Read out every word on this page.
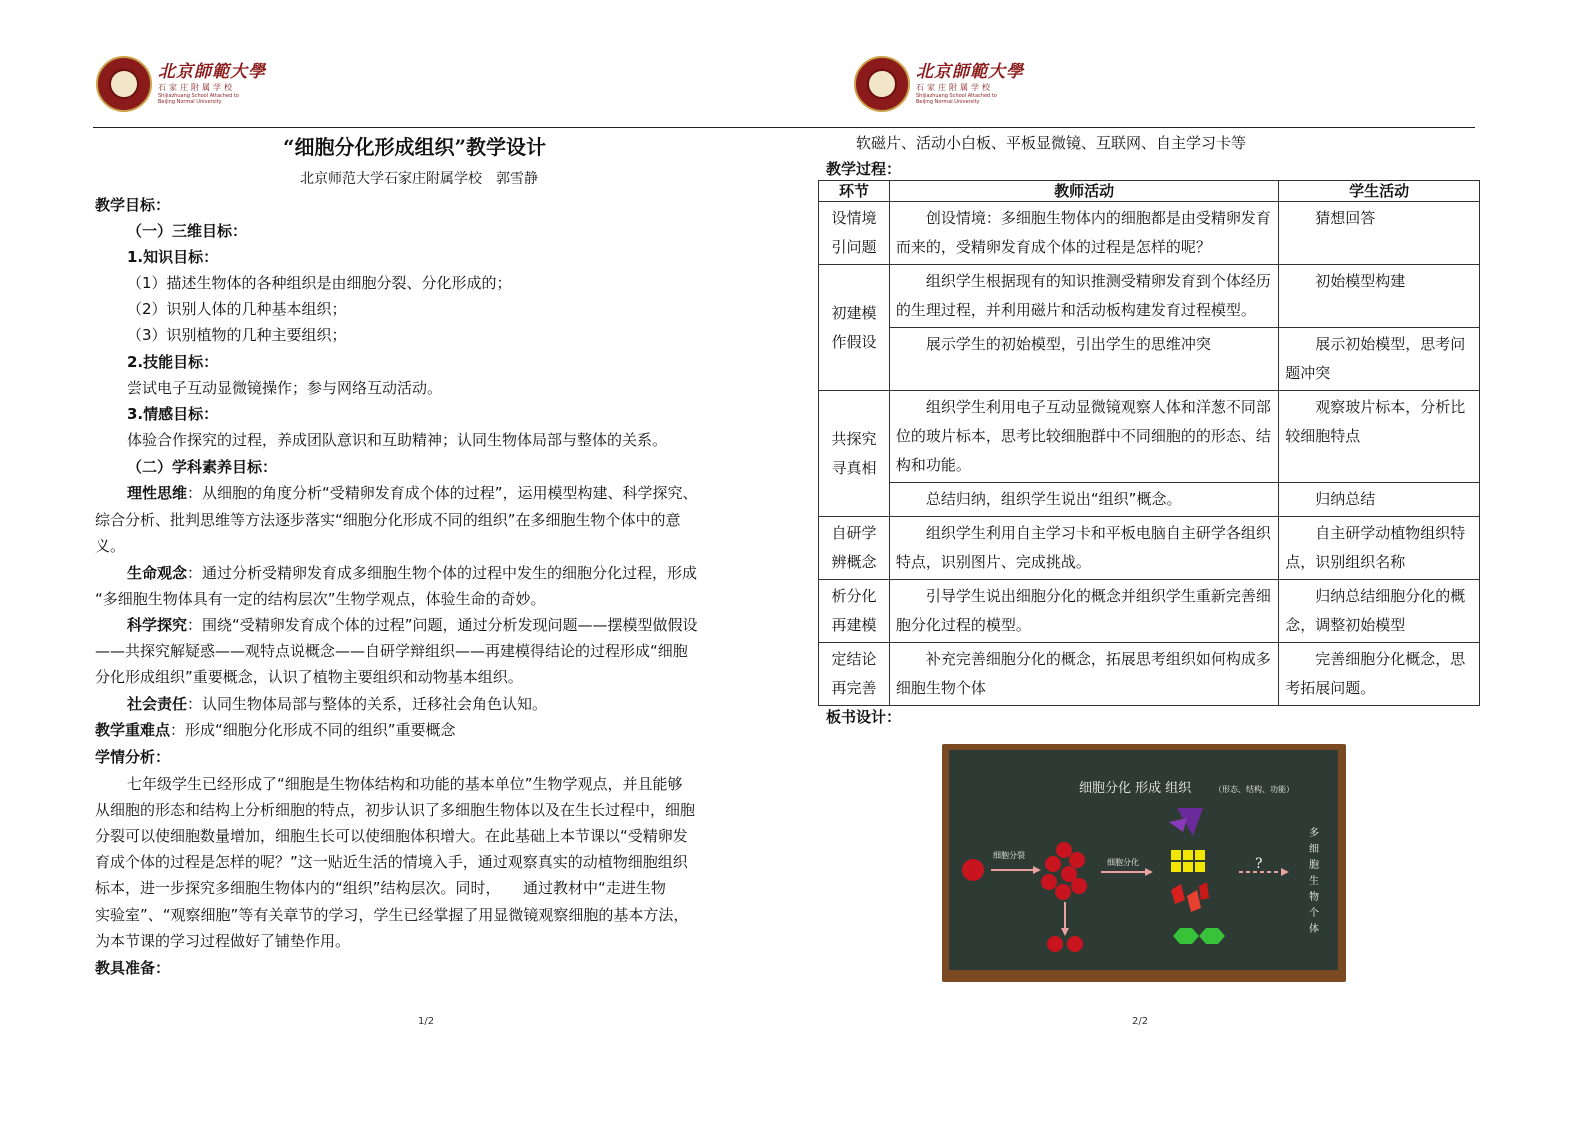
北京師範大學
石家庄附属学校
Shijiazhuang School Attached to
Beijing Normal University
“细胞分化形成组织”教学设计
北京师范大学石家庄附属学校　郭雪静
教学目标：
（一）三维目标：
1.知识目标：
（1）描述生物体的各种组织是由细胞分裂、分化形成的；
（2）识别人体的几种基本组织；
（3）识别植物的几种主要组织；
2.技能目标：
尝试电子互动显微镜操作；参与网络互动活动。
3.情感目标：
体验合作探究的过程，养成团队意识和互助精神；认同生物体局部与整体的关系。
（二）学科素养目标：
理性思维：从细胞的角度分析“受精卵发育成个体的过程”，运用模型构建、科学探究、
综合分析、批判思维等方法逐步落实“细胞分化形成不同的组织”在多细胞生物个体中的意
义。
生命观念：通过分析受精卵发育成多细胞生物个体的过程中发生的细胞分化过程，形成
“多细胞生物体具有一定的结构层次”生物学观点，体验生命的奇妙。
科学探究：围绕“受精卵发育成个体的过程”问题，通过分析发现问题——摆模型做假设
——共探究解疑惑——观特点说概念——自研学辩组织——再建模得结论的过程形成“细胞
分化形成组织”重要概念，认识了植物主要组织和动物基本组织。
社会责任：认同生物体局部与整体的关系，迁移社会角色认知。
教学重难点：形成“细胞分化形成不同的组织”重要概念
学情分析：
七年级学生已经形成了“细胞是生物体结构和功能的基本单位”生物学观点，并且能够
从细胞的形态和结构上分析细胞的特点，初步认识了多细胞生物体以及在生长过程中，细胞
分裂可以使细胞数量增加，细胞生长可以使细胞体积增大。在此基础上本节课以“受精卵发
育成个体的过程是怎样的呢？”这一贴近生活的情境入手，通过观察真实的动植物细胞组织
标本，进一步探究多细胞生物体内的“组织”结构层次。同时，　　通过教材中“走进生物
实验室”、“观察细胞”等有关章节的学习，学生已经掌握了用显微镜观察细胞的基本方法，
为本节课的学习过程做好了铺垫作用。
教具准备：
1/2
北京師範大學
石家庄附属学校
Shijiazhuang School Attached to
Beijing Normal University
软磁片、活动小白板、平板显微镜、互联网、自主学习卡等
教学过程：
环节	教师活动	学生活动
设情境
引问题	创设情境：多细胞生物体内的细胞都是由受精卵发育而来的，受精卵发育成个体的过程是怎样的呢？	猜想回答
初建模
作假设	组织学生根据现有的知识推测受精卵发育到个体经历的生理过程，并利用磁片和活动板构建发育过程模型。	初始模型构建
	展示学生的初始模型，引出学生的思维冲突	展示初始模型，思考问题冲突
共探究
寻真相	组织学生利用电子互动显微镜观察人体和洋葱不同部位的玻片标本，思考比较细胞群中不同细胞的的形态、结构和功能。	观察玻片标本，分析比较细胞特点
	总结归纳，组织学生说出“组织”概念。	归纳总结
自研学
辨概念	组织学生利用自主学习卡和平板电脑自主研学各组织特点，识别图片、完成挑战。	自主研学动植物组织特点，识别组织名称
析分化
再建模	引导学生说出细胞分化的概念并组织学生重新完善细胞分化过程的模型。	归纳总结细胞分化的概念，调整初始模型
定结论
再完善	补充完善细胞分化的概念，拓展思考组织如何构成多细胞生物个体	完善细胞分化概念，思考拓展问题。
板书设计：
细胞分化 形成 组织	（形态、结构、功能）
细胞分裂
细胞分化	?
多
细
胞
生
物
个
体
2/2
